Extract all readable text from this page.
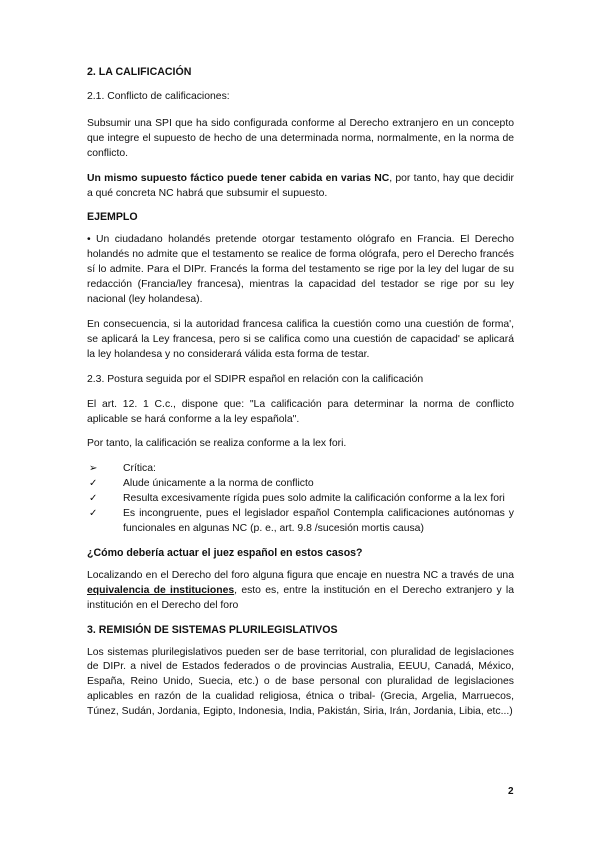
2. LA CALIFICACIÓN

2.1. Conflicto de calificaciones:

Subsumir una SPI que ha sido configurada conforme al Derecho extranjero en un concepto que integre el supuesto de hecho de una determinada norma, normalmente, en la norma de conflicto.

Un mismo supuesto fáctico puede tener cabida en varias NC, por tanto, hay que decidir a qué concreta NC habrá que subsumir el supuesto.

EJEMPLO

• Un ciudadano holandés pretende otorgar testamento ológrafo en Francia. El Derecho holandés no admite que el testamento se realice de forma ológrafa, pero el Derecho francés sí lo admite. Para el DIPr. Francés la forma del testamento se rige por la ley del lugar de su redacción (Francia/ley francesa), mientras la capacidad del testador se rige por su ley nacional (ley holandesa).

En consecuencia, si la autoridad francesa califica la cuestión como una cuestión de forma', se aplicará la Ley francesa, pero si se califica como una cuestión de capacidad' se aplicará la ley holandesa y no considerará válida esta forma de testar.

2.3. Postura seguida por el SDIPR español en relación con la calificación

El art. 12. 1 C.c., dispone que: "La calificación para determinar la norma de conflicto aplicable se hará conforme a la ley española".

Por tanto, la calificación se realiza conforme a la lex fori.

➢	Crítica:
✓	Alude únicamente a la norma de conflicto
✓	Resulta excesivamente rígida pues solo admite la calificación conforme a la lex fori
✓	Es incongruente, pues el legislador español Contempla calificaciones autónomas y funcionales en algunas NC (p. e., art. 9.8 /sucesión mortis causa)

¿Cómo debería actuar el juez español en estos casos?

Localizando en el Derecho del foro alguna figura que encaje en nuestra NC a través de una equivalencia de instituciones, esto es, entre la institución en el Derecho extranjero y la institución en el Derecho del foro

3. REMISIÓN DE SISTEMAS PLURILEGISLATIVOS

Los sistemas plurilegislativos pueden ser de base territorial, con pluralidad de legislaciones de DIPr. a nivel de Estados federados o de provincias Australia, EEUU, Canadá, México, España, Reino Unido, Suecia, etc.) o de base personal con pluralidad de legislaciones aplicables en razón de la cualidad religiosa, étnica o tribal- (Grecia, Argelia, Marruecos, Túnez, Sudán, Jordania, Egipto, Indonesia, India, Pakistán, Siria, Irán, Jordania, Libia, etc...)

2
